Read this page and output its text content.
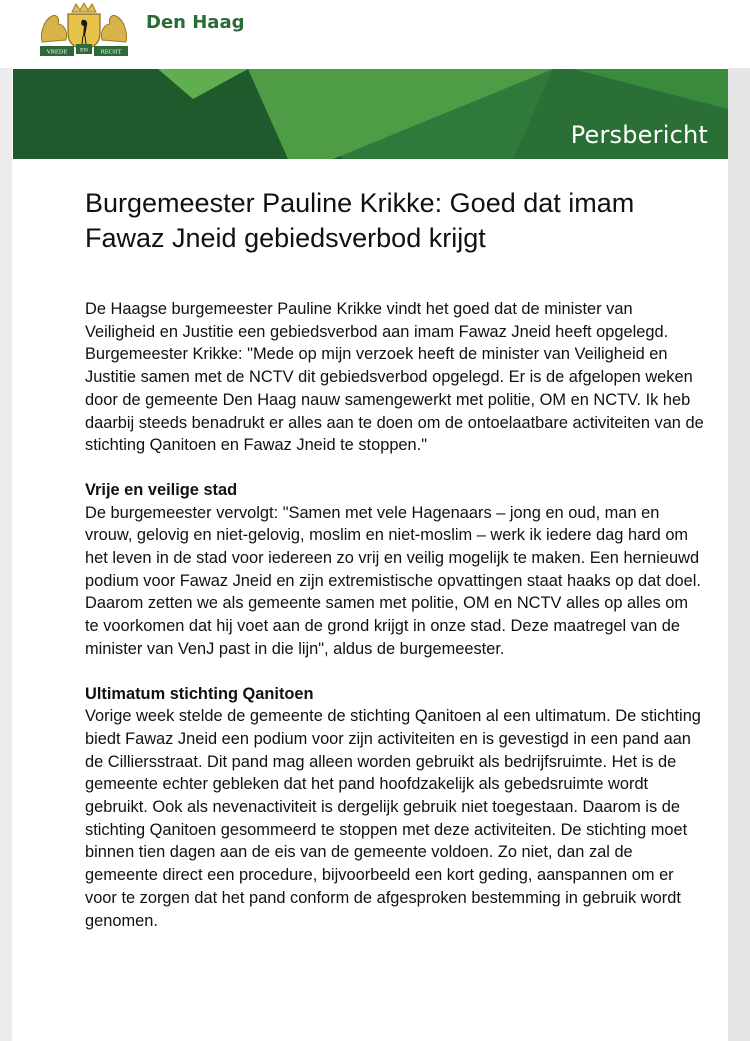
VREDE	EN RECHT
Den Haag
Persbericht
Burgemeester Pauline Krikke: Goed dat imam Fawaz Jneid gebiedsverbod krijgt

De Haagse burgemeester Pauline Krikke vindt het goed dat de minister van Veiligheid en Justitie een gebiedsverbod aan imam Fawaz Jneid heeft opgelegd. Burgemeester Krikke: "Mede op mijn verzoek heeft de minister van Veiligheid en Justitie samen met de NCTV dit gebiedsverbod opgelegd. Er is de afgelopen weken door de gemeente Den Haag nauw samengewerkt met politie, OM en NCTV. Ik heb daarbij steeds benadrukt er alles aan te doen om de ontoelaatbare activiteiten van de stichting Qanitoen en Fawaz Jneid te stoppen."

Vrije en veilige stad

De burgemeester vervolgt: "Samen met vele Hagenaars – jong en oud, man en vrouw, gelovig en niet-gelovig, moslim en niet-moslim – werk ik iedere dag hard om het leven in de stad voor iedereen zo vrij en veilig mogelijk te maken. Een hernieuwd podium voor Fawaz Jneid en zijn extremistische opvattingen staat haaks op dat doel. Daarom zetten we als gemeente samen met politie, OM en NCTV alles op alles om te voorkomen dat hij voet aan de grond krijgt in onze stad. Deze maatregel van de minister van VenJ past in die lijn", aldus de burgemeester.

Ultimatum stichting Qanitoen

Vorige week stelde de gemeente de stichting Qanitoen al een ultimatum. De stichting biedt Fawaz Jneid een podium voor zijn activiteiten en is gevestigd in een pand aan de Cilliersstraat. Dit pand mag alleen worden gebruikt als bedrijfsruimte. Het is de gemeente echter gebleken dat het pand hoofdzakelijk als gebedsruimte wordt gebruikt. Ook als nevenactiviteit is dergelijk gebruik niet toegestaan. Daarom is de stichting Qanitoen gesommeerd te stoppen met deze activiteiten. De stichting moet binnen tien dagen aan de eis van de gemeente voldoen. Zo niet, dan zal de gemeente direct een procedure, bijvoorbeeld een kort geding, aanspannen om er voor te zorgen dat het pand conform de afgesproken bestemming in gebruik wordt genomen.
